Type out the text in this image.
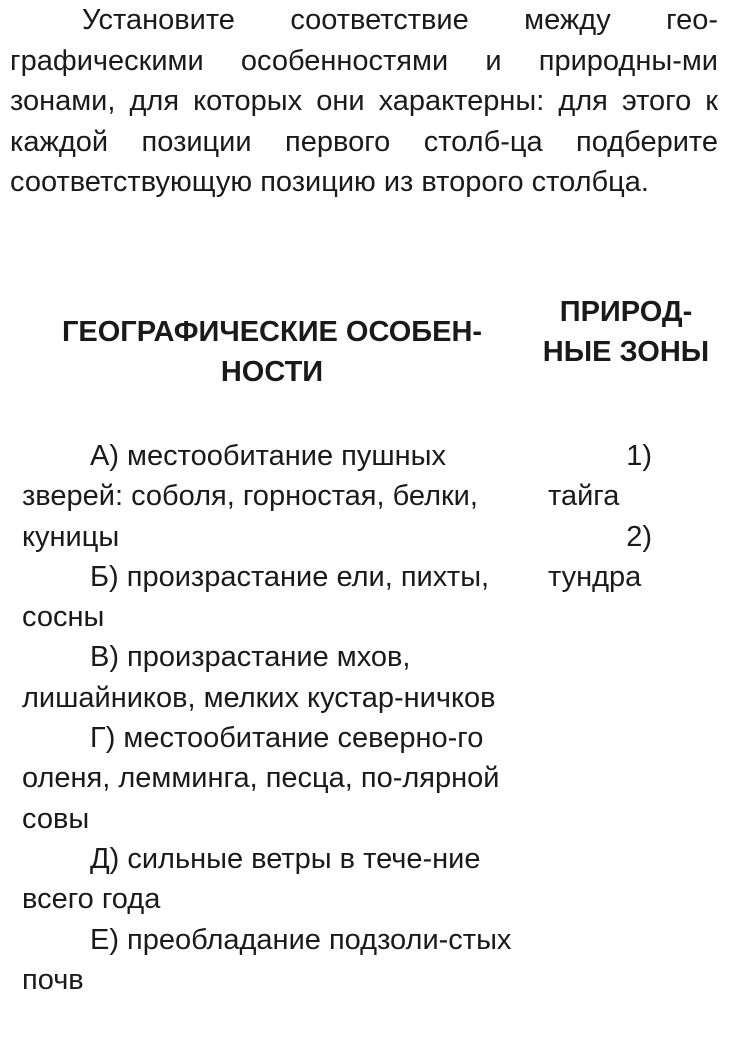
Установите соответствие между гео-графическими особенностями и природны-ми зонами, для которых они характерны: для этого к каждой позиции первого столб-ца подберите соответствующую позицию из второго столбца.

ГЕОГРАФИЧЕСКИЕ ОСОБЕН-НОСТИ
ПРИРОД-НЫЕ ЗОНЫ

А) местообитание пушных зверей: соболя, горностая, белки, куницы

Б) произрастание ели, пихты, сосны

В) произрастание мхов, лишайников, мелких кустар-ничков

Г) местообитание северно-го оленя, лемминга, песца, по-лярной совы

Д) сильные ветры в тече-ние всего года

Е) преобладание подзоли-стых почв

1)
тайга

2)
тундра
